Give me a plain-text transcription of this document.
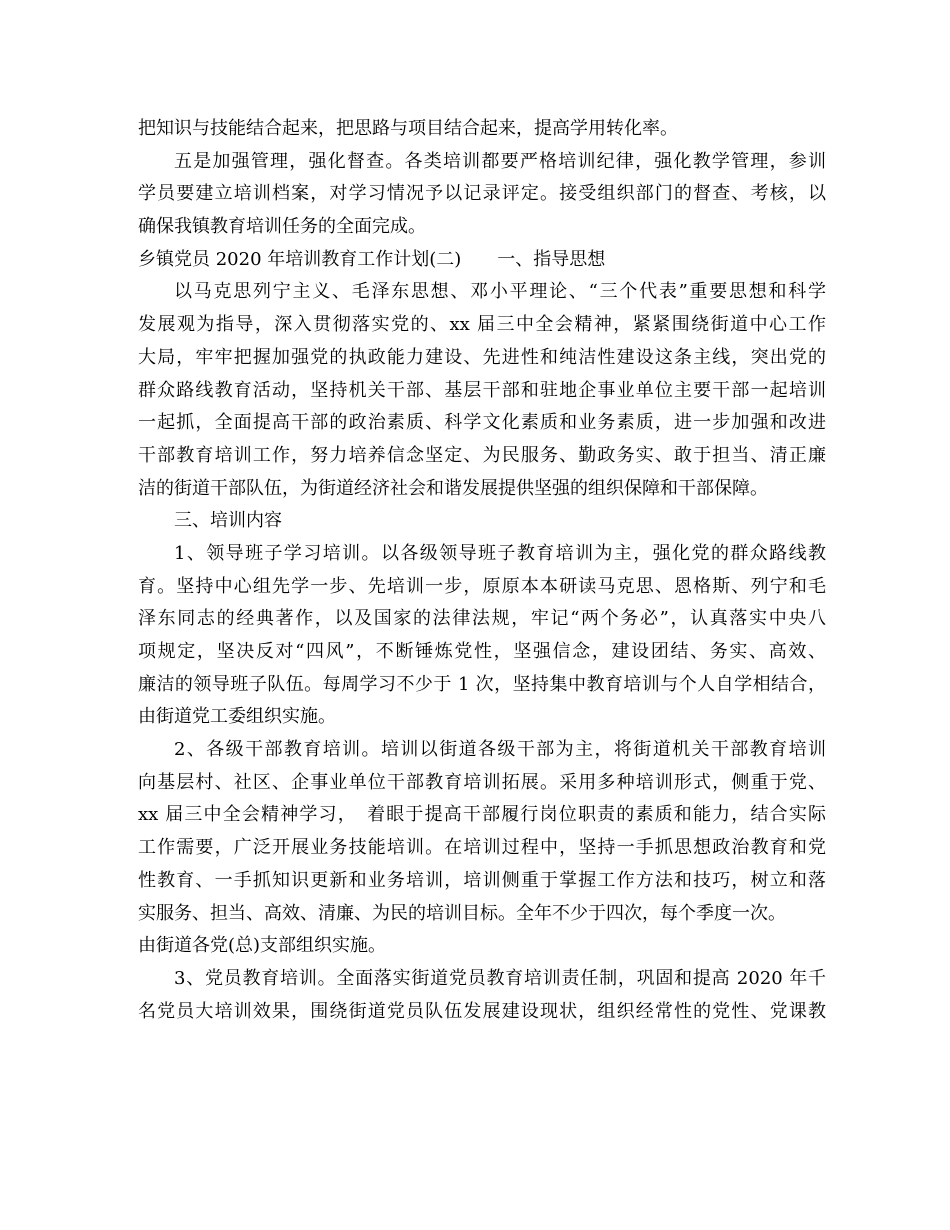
把知识与技能结合起来，把思路与项目结合起来，提高学用转化率。
五是加强管理，强化督查。各类培训都要严格培训纪律，强化教学管理，参训
学员要建立培训档案，对学习情况予以记录评定。接受组织部门的督查、考核，以
确保我镇教育培训任务的全面完成。
乡镇党员 2020 年培训教育工作计划(二)　　一、指导思想
以马克思列宁主义、毛泽东思想、邓小平理论、“三个代表”重要思想和科学
发展观为指导，深入贯彻落实党的、xx 届三中全会精神，紧紧围绕街道中心工作
大局，牢牢把握加强党的执政能力建设、先进性和纯洁性建设这条主线，突出党的
群众路线教育活动，坚持机关干部、基层干部和驻地企事业单位主要干部一起培训
一起抓，全面提高干部的政治素质、科学文化素质和业务素质，进一步加强和改进
干部教育培训工作，努力培养信念坚定、为民服务、勤政务实、敢于担当、清正廉
洁的街道干部队伍，为街道经济社会和谐发展提供坚强的组织保障和干部保障。
三、培训内容
1、领导班子学习培训。以各级领导班子教育培训为主，强化党的群众路线教
育。坚持中心组先学一步、先培训一步，原原本本研读马克思、恩格斯、列宁和毛
泽东同志的经典著作，以及国家的法律法规，牢记“两个务必”，认真落实中央八
项规定，坚决反对“四风”，不断锤炼党性，坚强信念，建设团结、务实、高效、
廉洁的领导班子队伍。每周学习不少于 1 次，坚持集中教育培训与个人自学相结合，
由街道党工委组织实施。
2、各级干部教育培训。培训以街道各级干部为主，将街道机关干部教育培训
向基层村、社区、企事业单位干部教育培训拓展。采用多种培训形式，侧重于党、
xx 届三中全会精神学习，　着眼于提高干部履行岗位职责的素质和能力，结合实际
工作需要，广泛开展业务技能培训。在培训过程中，坚持一手抓思想政治教育和党
性教育、一手抓知识更新和业务培训，培训侧重于掌握工作方法和技巧，树立和落
实服务、担当、高效、清廉、为民的培训目标。全年不少于四次，每个季度一次。
由街道各党(总)支部组织实施。
3、党员教育培训。全面落实街道党员教育培训责任制，巩固和提高 2020 年千
名党员大培训效果，围绕街道党员队伍发展建设现状，组织经常性的党性、党课教
